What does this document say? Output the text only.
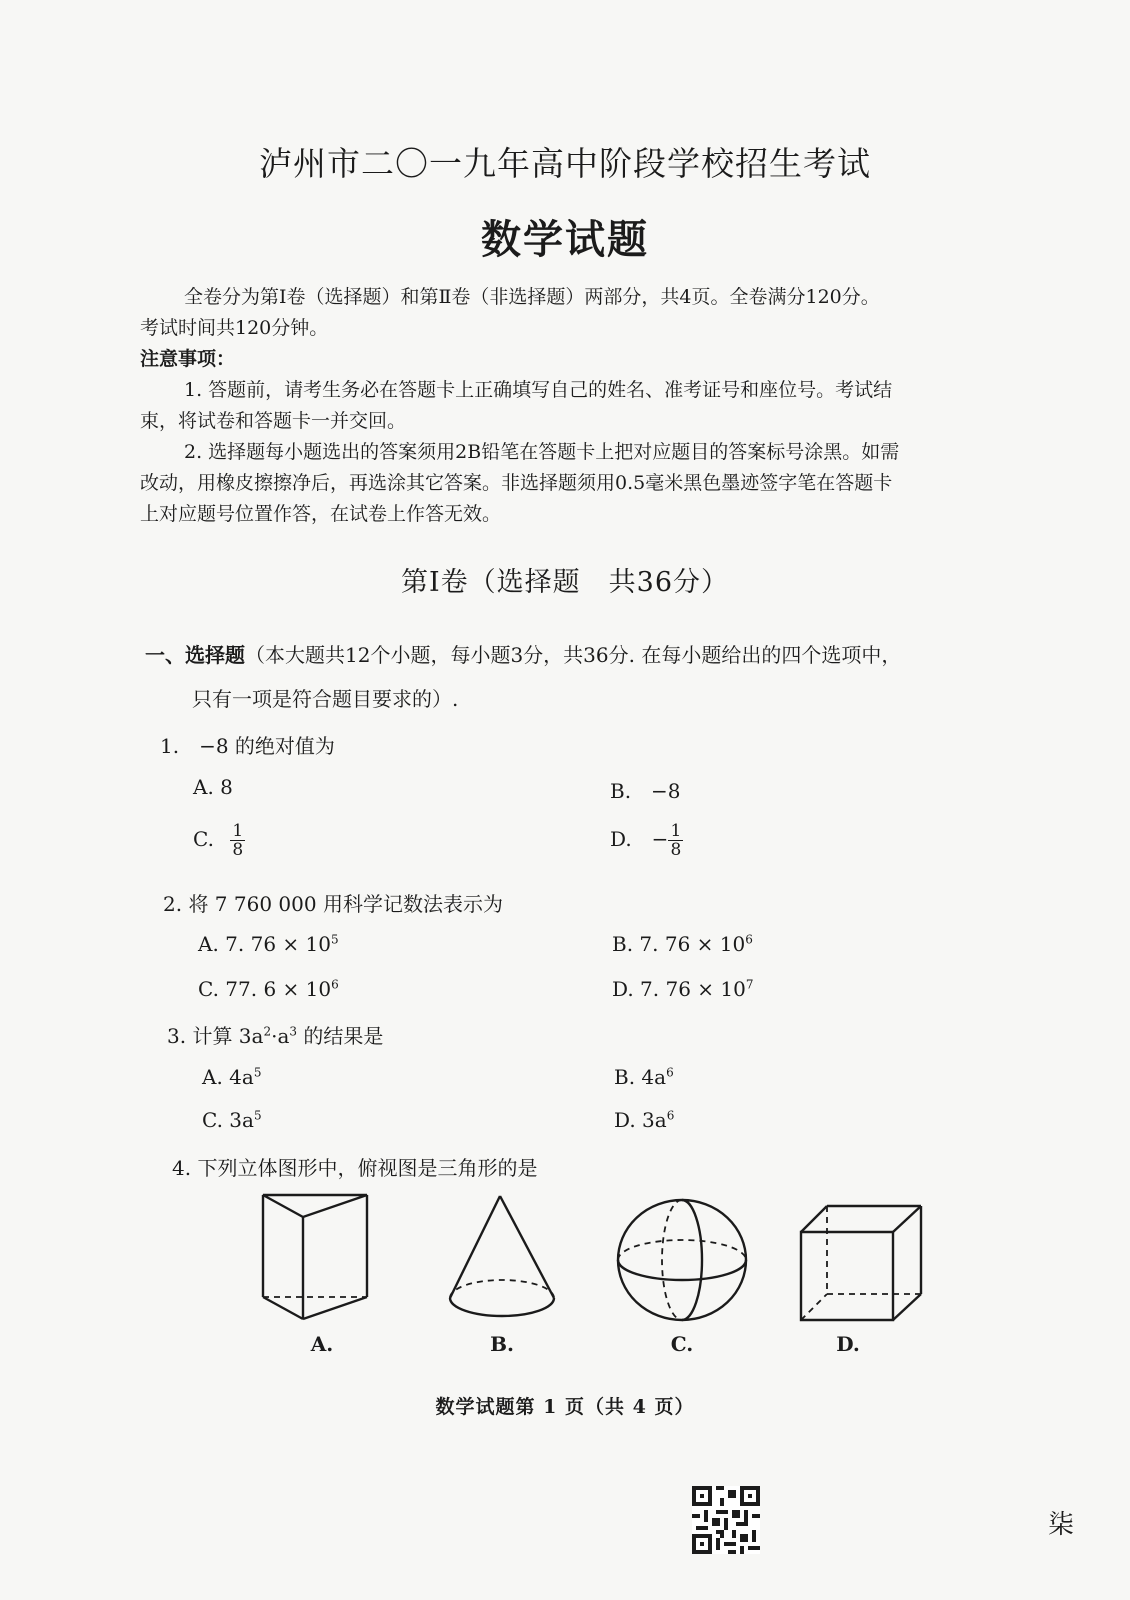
泸州市二〇一九年高中阶段学校招生考试
数学试题

全卷分为第Ⅰ卷（选择题）和第Ⅱ卷（非选择题）两部分，共4页。全卷满分120分。

考试时间共120分钟。

注意事项：

1. 答题前，请考生务必在答题卡上正确填写自己的姓名、准考证号和座位号。考试结

束，将试卷和答题卡一并交回。

2. 选择题每小题选出的答案须用2B铅笔在答题卡上把对应题目的答案标号涂黑。如需

改动，用橡皮擦擦净后，再选涂其它答案。非选择题须用0.5毫米黑色墨迹签字笔在答题卡

上对应题号位置作答，在试卷上作答无效。

第Ⅰ卷（选择题　共36分）
一、选择题（本大题共12个小题，每小题3分，共36分. 在每小题给出的四个选项中，
只有一项是符合题目要求的）.
1.　−8 的绝对值为
A. 8	B.　−8
C. $\frac{1}{8}$	D.　− $\frac{1}{8}$
2. 将 7 760 000 用科学记数法表示为
A. 7. $76 \times 10^5$	B. 7. $76 \times 10^6$
C. 77. $6 \times 10^6$	D. 7. $76 \times 10^7$
3. 计算 $3a^2\cdot a^3$ 的结果是
A. $4a^5$	B. $4a^6$
C. $3a^5$	D. $3a^6$
4. 下列立体图形中，俯视图是三角形的是
A.	B.	C.	D.
数学试题第 1 页（共 4 页）
柒
